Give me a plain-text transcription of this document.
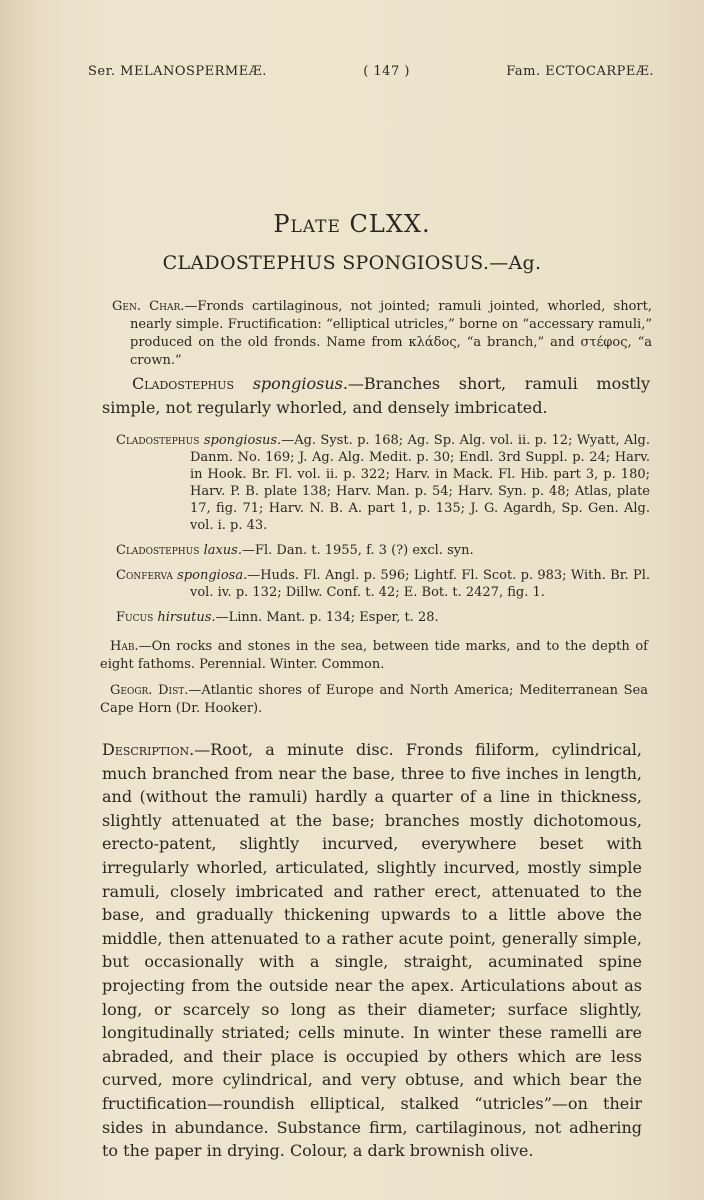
Ser. MELANOSPERMEÆ.	( 147 )	Fam. ECTOCARPEÆ.
Plate CLXX.
CLADOSTEPHUS SPONGIOSUS.—Ag.
Gen. Char.—Fronds cartilaginous, not jointed; ramuli jointed, whorled, short, nearly simple. Fructification: “elliptical utricles,” borne on “accessary ramuli,” produced on the old fronds. Name from κλάδος, “a branch,” and στέφος, “a crown.”
Cladostephus spongiosus.—Branches short, ramuli mostly simple, not regularly whorled, and densely imbricated.

Cladostephus spongiosus.—Ag. Syst. p. 168; Ag. Sp. Alg. vol. ii. p. 12; Wyatt, Alg. Danm. No. 169; J. Ag. Alg. Medit. p. 30; Endl. 3rd Suppl. p. 24; Harv. in Hook. Br. Fl. vol. ii. p. 322; Harv. in Mack. Fl. Hib. part 3, p. 180; Harv. P. B. plate 138; Harv. Man. p. 54; Harv. Syn. p. 48; Atlas, plate 17, fig. 71; Harv. N. B. A. part 1, p. 135; J. G. Agardh, Sp. Gen. Alg. vol. i. p. 43.

Cladostephus laxus.—Fl. Dan. t. 1955, f. 3 (?) excl. syn.

Conferva spongiosa.—Huds. Fl. Angl. p. 596; Lightf. Fl. Scot. p. 983; With. Br. Pl. vol. iv. p. 132; Dillw. Conf. t. 42; E. Bot. t. 2427, fig. 1.

Fucus hirsutus.—Linn. Mant. p. 134; Esper, t. 28.

Hab.—On rocks and stones in the sea, between tide marks, and to the depth of eight fathoms. Perennial. Winter. Common.
Geogr. Dist.—Atlantic shores of Europe and North America; Mediterranean Sea Cape Horn (Dr. Hooker).
Description.—Root, a minute disc. Fronds filiform, cylindrical, much branched from near the base, three to five inches in length, and (without the ramuli) hardly a quarter of a line in thickness, slightly attenuated at the base; branches mostly dichotomous, erecto-patent, slightly incurved, everywhere beset with irregularly whorled, articulated, slightly incurved, mostly simple ramuli, closely imbricated and rather erect, attenuated to the base, and gradually thickening upwards to a little above the middle, then attenuated to a rather acute point, generally simple, but occasionally with a single, straight, acuminated spine projecting from the outside near the apex. Articulations about as long, or scarcely so long as their diameter; surface slightly, longitudinally striated; cells minute. In winter these ramelli are abraded, and their place is occupied by others which are less curved, more cylindrical, and very obtuse, and which bear the fructification—roundish elliptical, stalked “utricles”—on their sides in abundance. Substance firm, cartilaginous, not adhering to the paper in drying. Colour, a dark brownish olive.
